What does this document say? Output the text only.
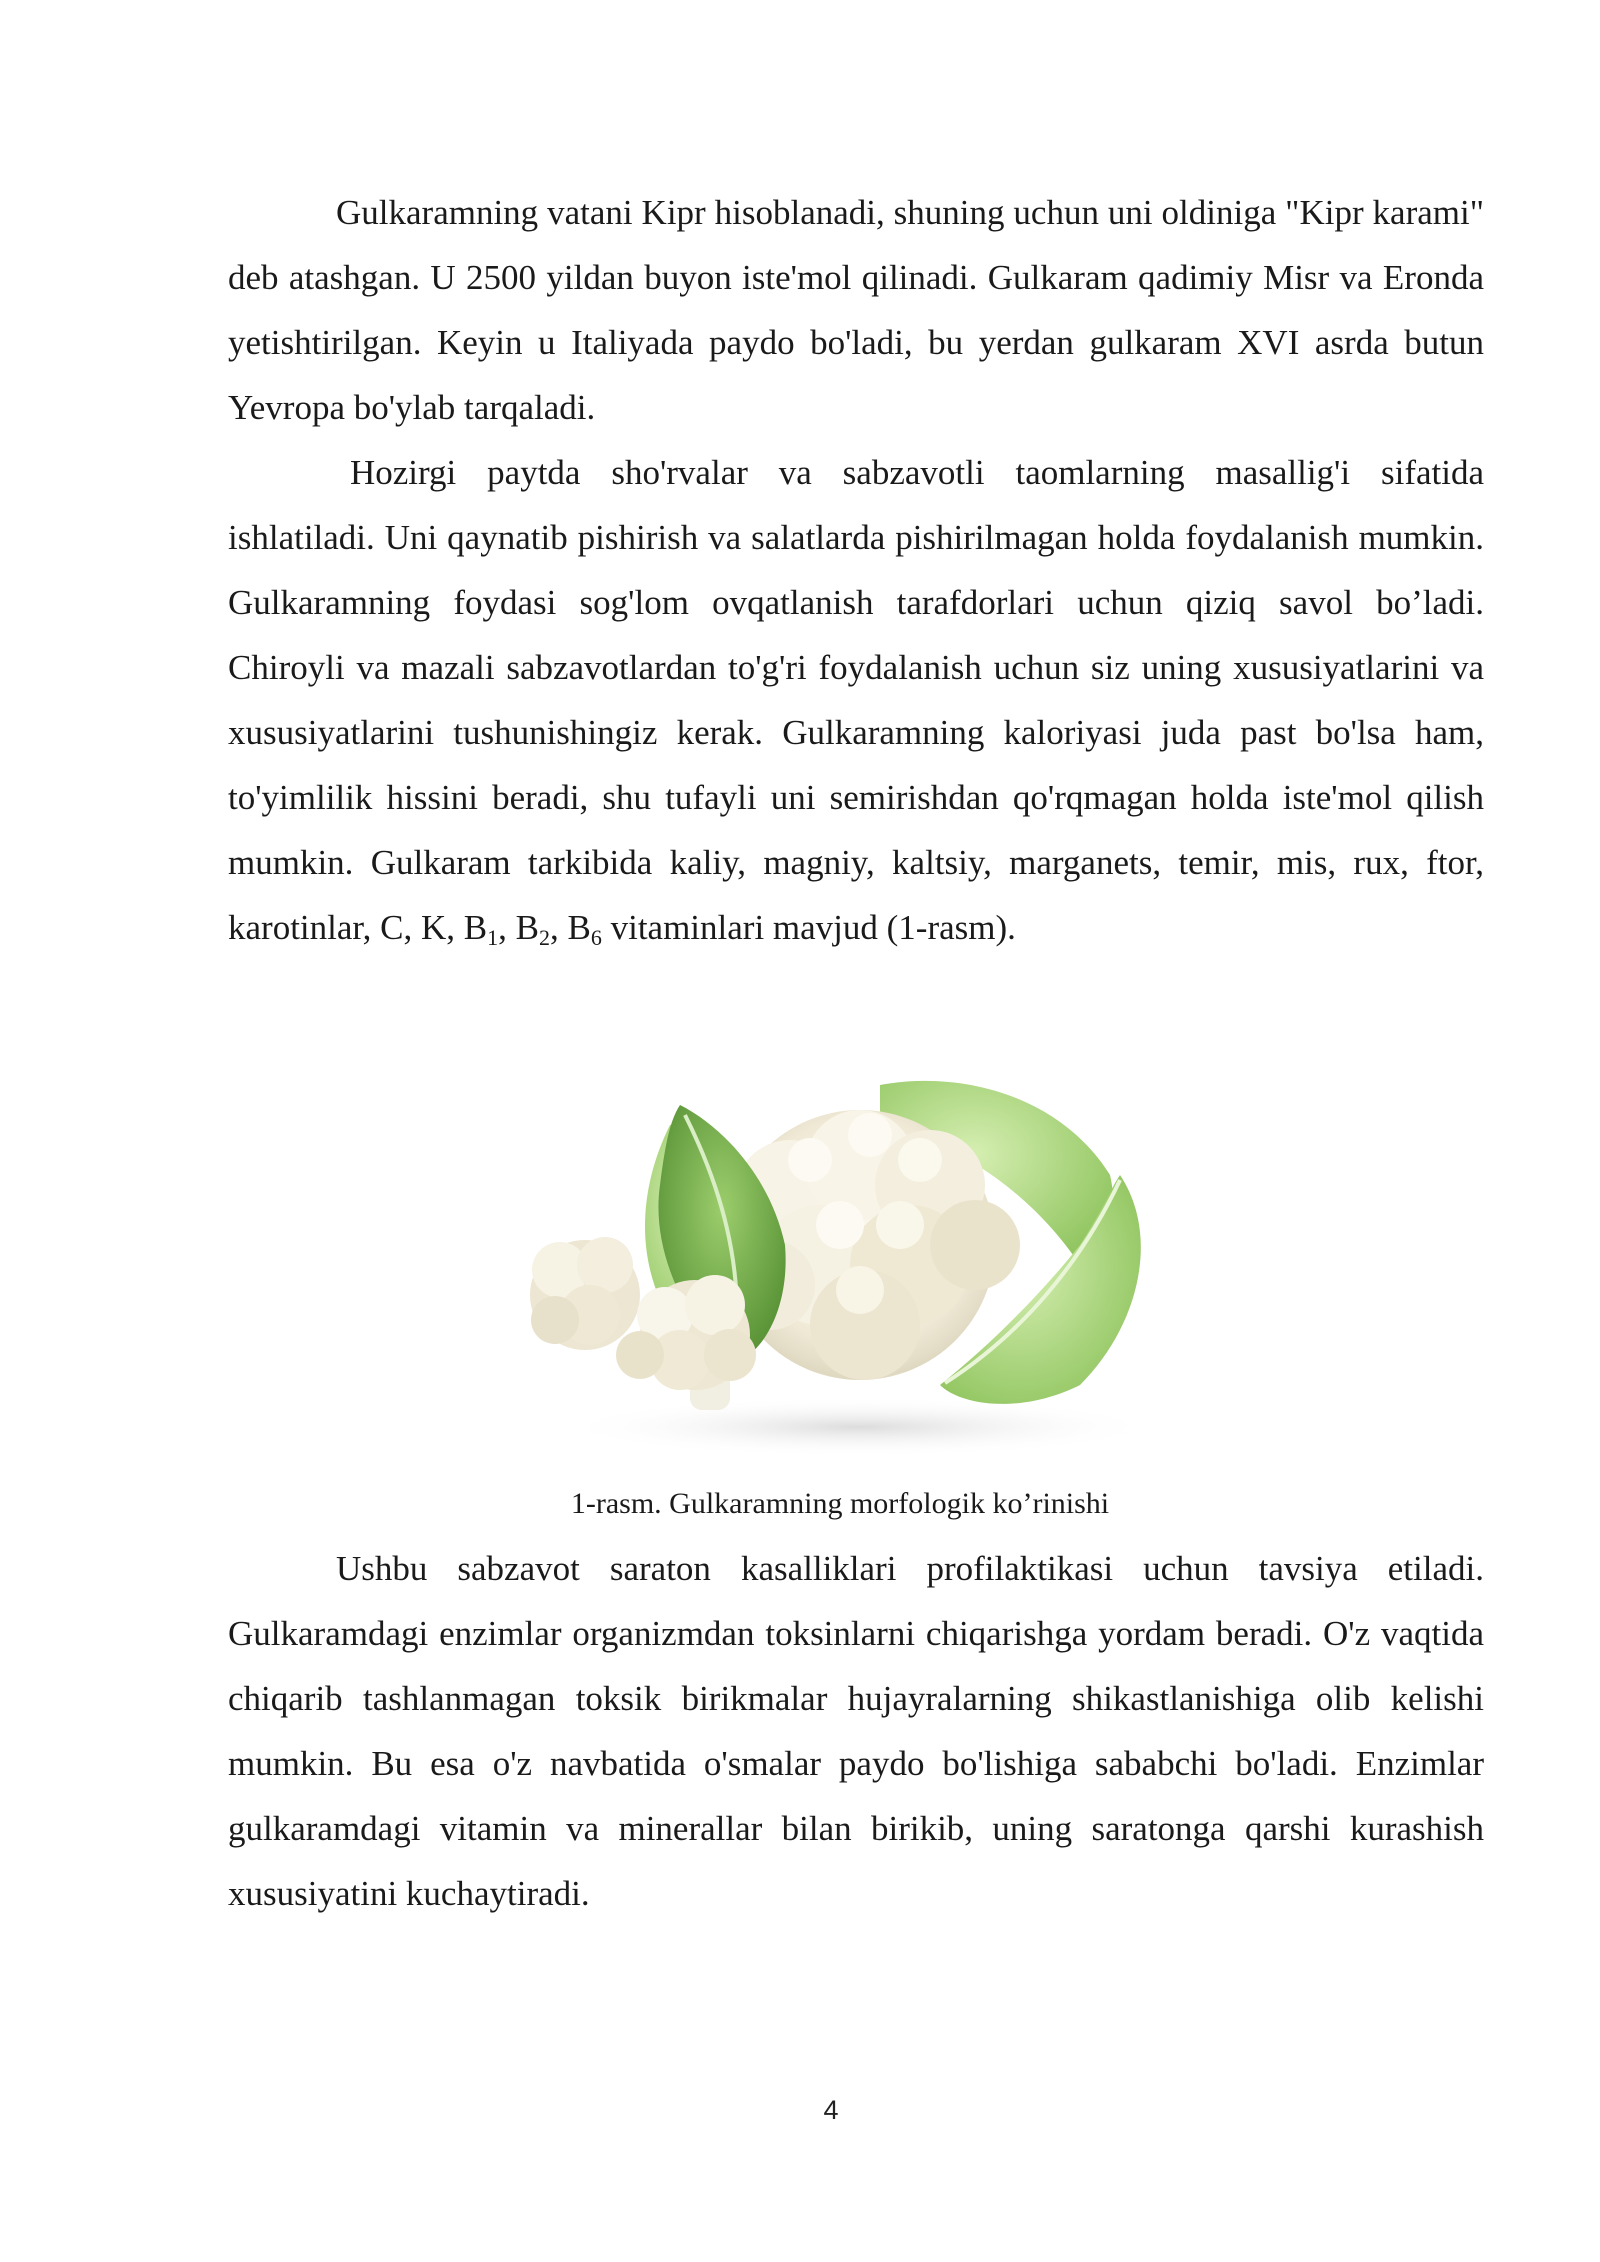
Gulkaramning vatani Kipr hisoblanadi, shuning uchun uni oldiniga "Kipr karami" deb atashgan. U 2500 yildan buyon iste'mol qilinadi. Gulkaram qadimiy Misr va Eronda yetishtirilgan. Keyin u Italiyada paydo bo'ladi, bu yerdan gulkaram XVI asrda butun Yevropa bo'ylab tarqaladi.

Hozirgi paytda sho'rvalar va sabzavotli taomlarning masallig'i sifatida ishlatiladi. Uni qaynatib pishirish va salatlarda pishirilmagan holda foydalanish mumkin. Gulkaramning foydasi sog'lom ovqatlanish tarafdorlari uchun qiziq savol bo’ladi. Chiroyli va mazali sabzavotlardan to'g'ri foydalanish uchun siz uning xususiyatlarini va xususiyatlarini tushunishingiz kerak. Gulkaramning kaloriyasi juda past bo'lsa ham, to'yimlilik hissini beradi, shu tufayli uni semirishdan qo'rqmagan holda iste'mol qilish mumkin. Gulkaram tarkibida kaliy, magniy, kaltsiy, marganets, temir, mis, rux, ftor, karotinlar, C, K, $B_1$, $B_2$, $B_6$ vitaminlari mavjud (1-rasm).

1-rasm. Gulkaramning morfologik ko’rinishi

Ushbu sabzavot saraton kasalliklari profilaktikasi uchun tavsiya etiladi. Gulkaramdagi enzimlar organizmdan toksinlarni chiqarishga yordam beradi. O'z vaqtida chiqarib tashlanmagan toksik birikmalar hujayralarning shikastlanishiga olib kelishi mumkin. Bu esa o'z navbatida o'smalar paydo bo'lishiga sababchi bo'ladi. Enzimlar gulkaramdagi vitamin va minerallar bilan birikib, uning saratonga qarshi kurashish xususiyatini kuchaytiradi.

4
